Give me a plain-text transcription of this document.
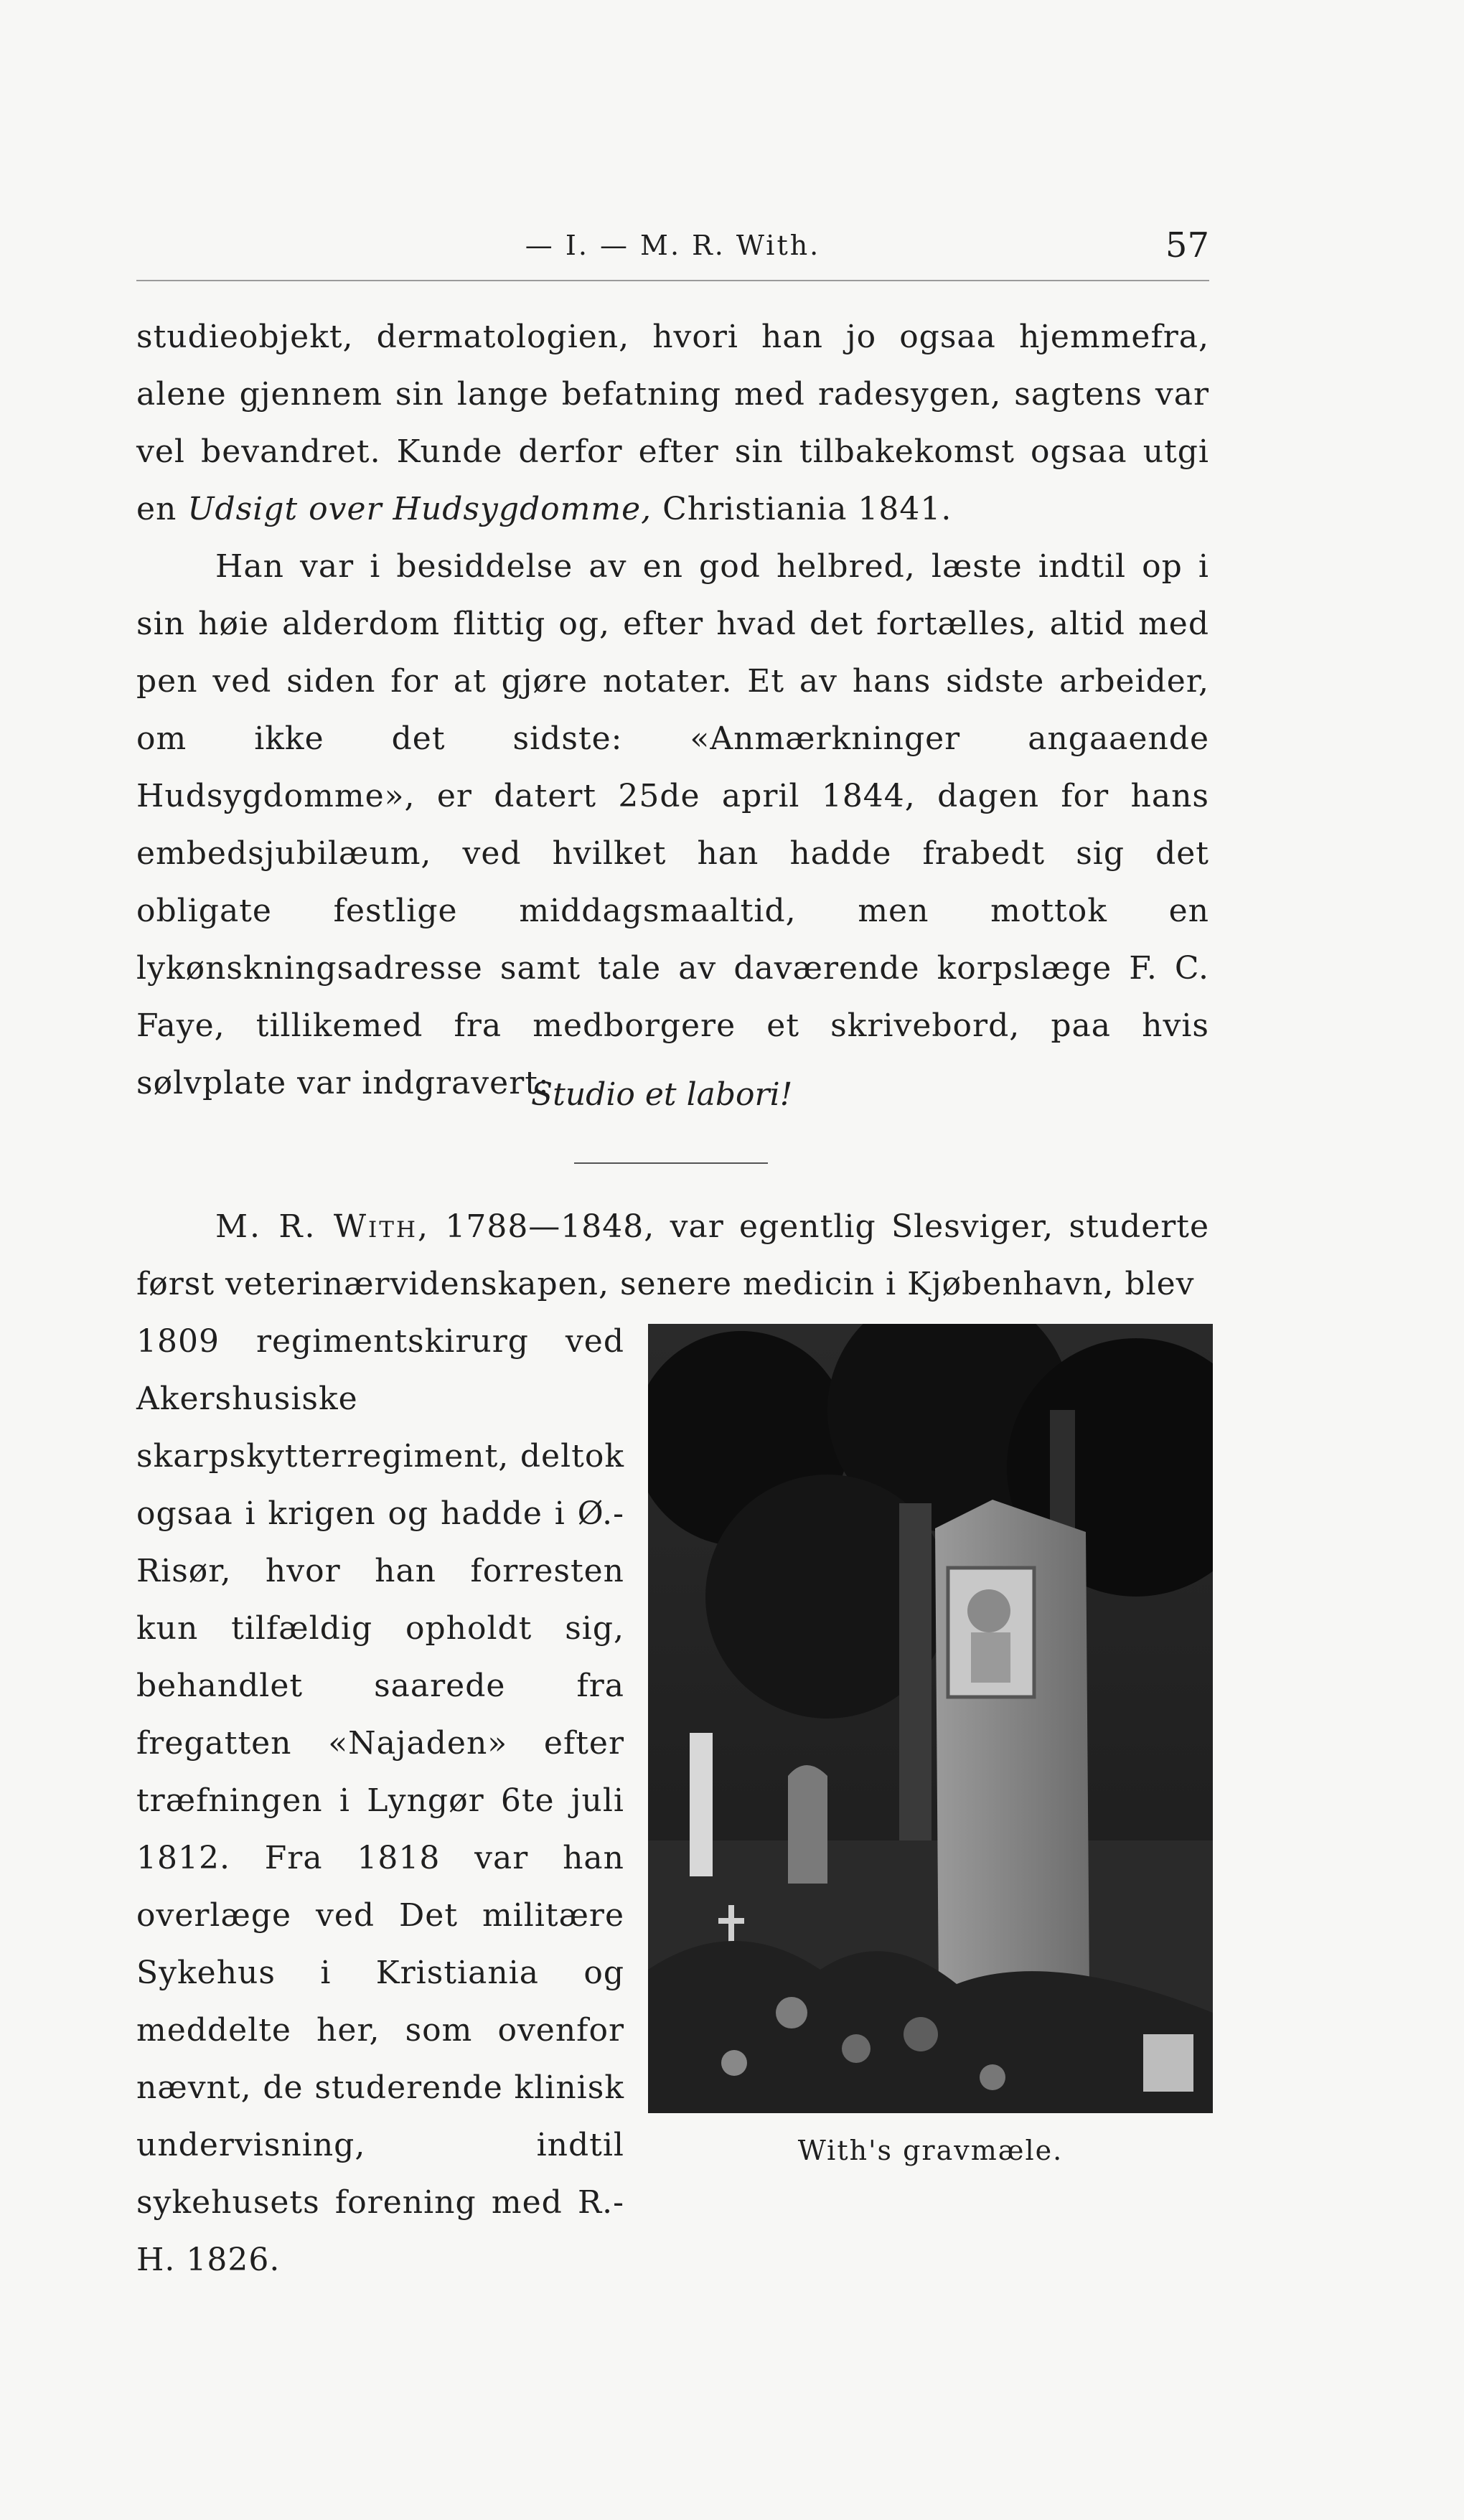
— I. — M. R. With.	57

studieobjekt, dermatologien, hvori han jo ogsaa hjemmefra, alene gjennem sin lange befatning med radesygen, sagtens var vel bevandret. Kunde derfor efter sin tilbakekomst ogsaa utgi en Udsigt over Hudsygdomme, Christiania 1841.

Han var i besiddelse av en god helbred, læste indtil op i sin høie alderdom flittig og, efter hvad det fortælles, altid med pen ved siden for at gjøre notater. Et av hans sidste arbeider, om ikke det sidste: «Anmærkninger angaaende Hudsygdomme», er datert 25de april 1844, dagen for hans embedsjubilæum, ved hvilket han hadde frabedt sig det obligate festlige middagsmaaltid, men mottok en lykønskningsadresse samt tale av daværende korpslæge F. C. Faye, tillikemed fra medborgere et skrivebord, paa hvis sølvplate var indgravert:

Studio et labori!

M. R. With, 1788—1848, var egentlig Slesviger, studerte først veterinærvidenskapen, senere medicin i Kjøbenhavn, blev

1809 regimentskirurg ved Akershusiske skarpskytterregiment, deltok ogsaa i krigen og hadde i Ø.-Risør, hvor han forresten kun tilfældig opholdt sig, behandlet saarede fra fregatten «Najaden» efter træfningen i Lyngør 6te juli 1812. Fra 1818 var han overlæge ved Det militære Sykehus i Kristiania og meddelte her, som ovenfor nævnt, de studerende klinisk undervisning, indtil sykehusets forening med R.-H. 1826.

With's gravmæle.
